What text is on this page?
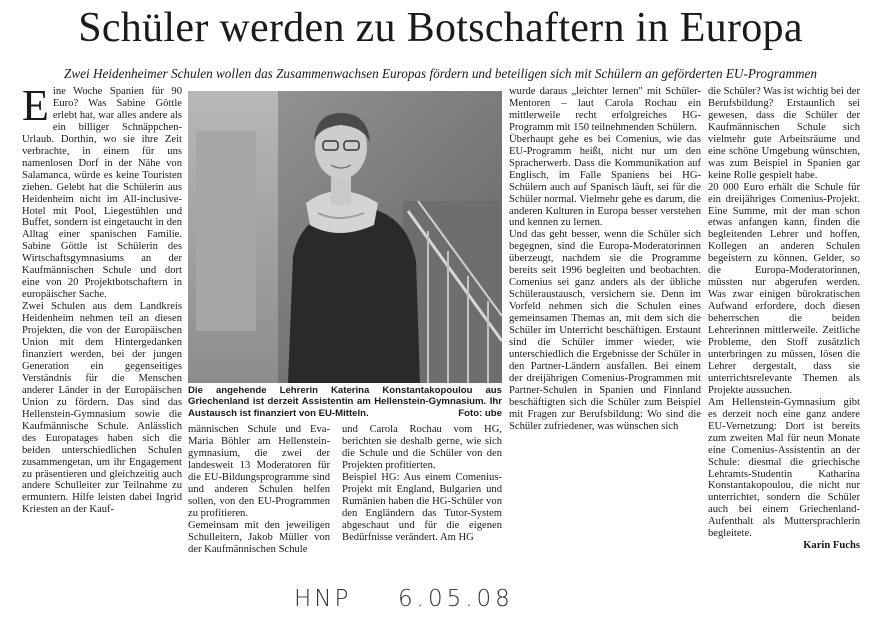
Schüler werden zu Botschaftern in Europa
Zwei Heidenheimer Schulen wollen das Zusammenwachsen Europas fördern und beteiligen sich mit Schülern an geförderten EU-Programmen

Eine Woche Spanien für 90 Euro? Was Sabine Göttle erlebt hat, war alles andere als ein billiger Schnäppchen-Urlaub. Dorthin, wo sie ihre Zeit verbrachte, in einem für uns namenlosen Dorf in der Nähe von Salamanca, würde es keine Touristen ziehen. Gelebt hat die Schülerin aus Heidenheim nicht im All-inclusive-Hotel mit Pool, Liegestühlen und Buffet, sondern ist eingetaucht in den Alltag einer spanischen Familie. Sabine Göttle ist Schülerin des Wirtschaftsgymnasiums an der Kaufmännischen Schule und dort eine von 20 Projektbotschaftern in europäischer Sache.

Zwei Schulen aus dem Landkreis Heidenheim nehmen teil an diesen Projekten, die von der Europäischen Union mit dem Hintergedanken finanziert werden, bei der jungen Generation ein gegenseitiges Verständnis für die Menschen anderer Länder in der Europäischen Union zu fördern. Das sind das Hellenstein-Gymnasium sowie die Kaufmännische Schule. Anlässlich des Europatages haben sich die beiden unterschiedlichen Schulen zusammengetan, um ihr Engagement zu präsentieren und gleichzeitig auch andere Schulleiter zur Teilnahme zu ermuntern. Hilfe leisten dabei Ingrid Kriesten an der Kauf-

Die angehende Lehrerin Katerina Konstantakopoulou aus Griechenland ist derzeit Assistentin am Hellenstein-Gymnasium. Ihr Austausch ist finanziert von EU-Mitteln.	Foto: ube

männischen Schule und Eva-Maria Böhler am Hellenstein-gymnasium, die zwei der landesweit 13 Moderatoren für die EU-Bildungsprogramme sind und anderen Schulen helfen sollen, von den EU-Programmen zu profitieren.

Gemeinsam mit den jeweiligen Schulleitern, Jakob Müller von der Kaufmännischen Schule

und Carola Rochau vom HG, berichten sie deshalb gerne, wie sich die Schule und die Schüler von den Projekten profitierten.

Beispiel HG: Aus einem Comenius-Projekt mit England, Bulgarien und Rumänien haben die HG-Schüler von den Engländern das Tutor-System abgeschaut und für die eigenen Bedürfnisse verändert. Am HG

wurde daraus „leichter lernen" mit Schüler-Mentoren – laut Carola Rochau ein mittlerweile recht erfolgreiches HG-Programm mit 150 teilnehmenden Schülern.

Überhaupt gehe es bei Comenius, wie das EU-Programm heißt, nicht nur um den Spracherwerb. Dass die Kommunikation auf Englisch, im Falle Spaniens bei HG-Schülern auch auf Spanisch läuft, sei für die Schüler normal. Vielmehr gehe es darum, die anderen Kulturen in Europa besser verstehen und kennen zu lernen.

Und das geht besser, wenn die Schüler sich begegnen, sind die Europa-Moderatorinnen überzeugt, nachdem sie die Programme bereits seit 1996 begleiten und beobachten. Comenius sei ganz anders als der übliche Schüleraustausch, versichern sie. Denn im Vorfeld nehmen sich die Schulen eines gemeinsamen Themas an, mit dem sich die Schüler im Unterricht beschäftigen. Erstaunt sind die Schüler immer wieder, wie unterschiedlich die Ergebnisse der Schüler in den Partner-Ländern ausfallen. Bei einem der dreijährigen Comenius-Programmen mit Partner-Schulen in Spanien und Finnland beschäftigten sich die Schüler zum Beispiel mit Fragen zur Berufsbildung: Wo sind die Schüler zufriedener, was wünschen sich

die Schüler? Was ist wichtig bei der Berufsbildung? Erstaunlich sei gewesen, dass die Schüler der Kaufmännischen Schule sich vielmehr gute Arbeitsräume und eine schöne Umgebung wünschten, was zum Beispiel in Spanien gar keine Rolle gespielt habe.

20 000 Euro erhält die Schule für ein dreijähriges Comenius-Projekt. Eine Summe, mit der man schon etwas anfangen kann, finden die begleitenden Lehrer und hoffen, Kollegen an anderen Schulen begeistern zu können. Gelder, so die Europa-Moderatorinnen, müssten nur abgerufen werden. Was zwar einigen bürokratischen Aufwand erfordere, doch diesen beherrschen die beiden Lehrerinnen mittlerweile. Zeitliche Probleme, den Stoff zusätzlich unterbringen zu müssen, lösen die Lehrer dergestalt, dass sie unterrichtsrelevante Themen als Projekte aussuchen.

Am Hellenstein-Gymnasium gibt es derzeit noch eine ganz andere EU-Vernetzung: Dort ist bereits zum zweiten Mal für neun Monate eine Comenius-Assistentin an der Schule: diesmal die griechische Lehramts-Studentin Katharina Konstantakopoulou, die nicht nur unterrichtet, sondern die Schüler auch bei einem Griechenland-Aufenthalt als Muttersprachlerin begleitete.

Karin Fuchs

HNP 6.05.08
